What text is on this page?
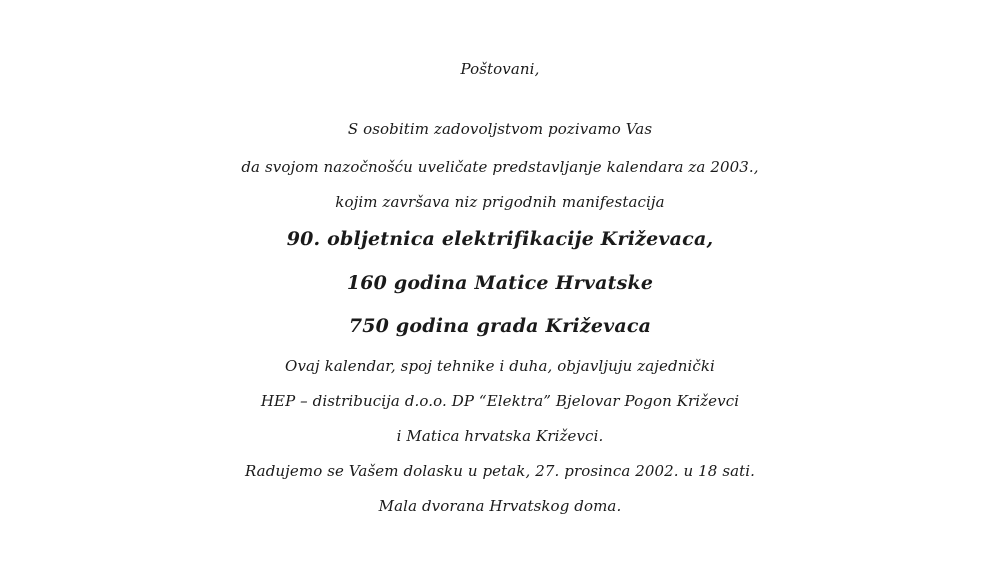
Poštovani,
S osobitim zadovoljstvom pozivamo Vas
da svojom nazočnošću uveličate predstavljanje kalendara za 2003.,
kojim završava niz prigodnih manifestacija
90. obljetnica elektrifikacije Križevaca,
160 godina Matice Hrvatske
750 godina grada Križevaca
Ovaj kalendar, spoj tehnike i duha, objavljuju zajednički
HEP – distribucija d.o.o. DP “Elektra” Bjelovar Pogon Križevci
i Matica hrvatska Križevci.
Radujemo se Vašem dolasku u petak, 27. prosinca 2002. u 18 sati.
Mala dvorana Hrvatskog doma.
